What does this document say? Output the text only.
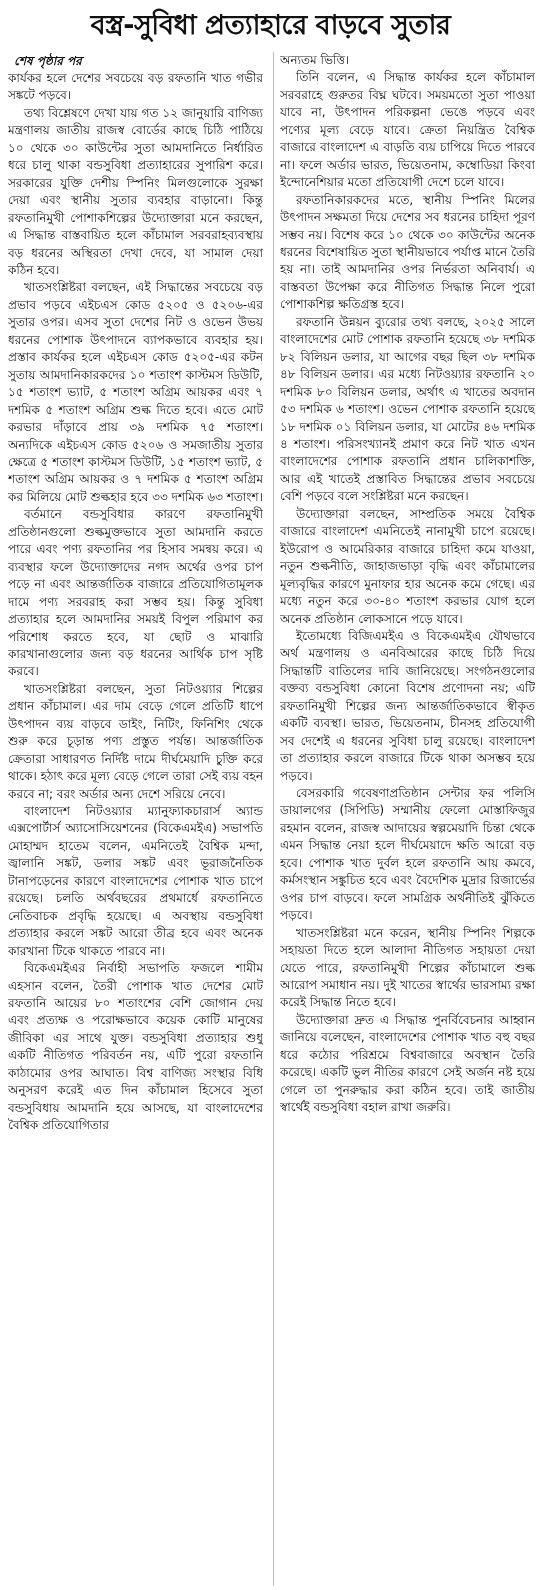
বস্ত্র-সুবিধা প্রত্যাহারে বাড়বে সুতার
শেষ পৃষ্ঠার পর

কার্যকর হলে দেশের সবচেয়ে বড় রফতানি খাত গভীর সঙ্কটে পড়বে।

তথ্য বিশ্লেষণে দেখা যায় গত ১২ জানুয়ারি বাণিজ্য মন্ত্রণালয় জাতীয় রাজস্ব বোর্ডের কাছে চিঠি পাঠিয়ে ১০ থেকে ৩০ কাউন্টের সুতা আমদানিতে নির্ধারিত ধরে চালু থাকা বন্ডসুবিধা প্রত্যাহারের সুপারিশ করে। সরকারের যুক্তি দেশীয় স্পিনিং মিলগুলোকে সুরক্ষা দেয়া এবং স্থানীয় সুতার ব্যবহার বাড়ানো। কিন্তু রফতানিমুখী পোশাকশিল্পের উদ্যোক্তারা মনে করছেন, এ সিদ্ধান্ত বাস্তবায়িত হলে কাঁচামাল সরবরাহব্যবস্থায় বড় ধরনের অস্থিরতা দেখা দেবে, যা সামাল দেয়া কঠিন হবে।

খাতসংশ্লিষ্টরা বলছেন, এই সিদ্ধান্তের সবচেয়ে বড় প্রভাব পড়বে এইচএস কোড ৫২০৫ ও ৫২০৬-এর সুতার ওপর। এসব সুতা দেশের নিট ও ওভেন উভয় ধরনের পোশাক উৎপাদনে ব্যাপকভাবে ব্যবহার হয়। প্রস্তাব কার্যকর হলে এইচএস কোড ৫২০৫-এর কটন সুতায় আমদানিকারকদের ১০ শতাংশ কাস্টমস ডিউটি, ১৫ শতাংশ ভ্যাট, ৫ শতাংশ অগ্রিম আয়কর এবং ৭ দশমিক ৫ শতাংশ অগ্রিম শুল্ক দিতে হবে। এতে মোট করভার দাঁড়াবে প্রায় ৩৯ দশমিক ৭৫ শতাংশ। অন্যদিকে এইচএস কোড ৫২০৬ ও সমজাতীয় সুতার ক্ষেত্রে ৫ শতাংশ কাস্টমস ডিউটি, ১৫ শতাংশ ভ্যাট, ৫ শতাংশ অগ্রিম আয়কর ও ৭ দশমিক ৫ শতাংশ অগ্রিম কর মিলিয়ে মোট শুল্কহার হবে ৩৩ দশমিক ৬৩ শতাংশ।

বর্তমানে বন্ডসুবিধার কারণে রফতানিমুখী প্রতিষ্ঠানগুলো শুল্কমুক্তভাবে সুতা আমদানি করতে পারে এবং পণ্য রফতানির পর হিসাব সমন্বয় করে। এ ব্যবস্থার ফলে উদ্যোক্তাদের নগদ অর্থের ওপর চাপ পড়ে না এবং আন্তর্জাতিক বাজারে প্রতিযোগিতামূলক দামে পণ্য সরবরাহ করা সম্ভব হয়। কিন্তু সুবিধা প্রত্যাহার হলে আমদানির সময়ই বিপুল পরিমাণ কর পরিশোধ করতে হবে, যা ছোট ও মাঝারি কারখানাগুলোর জন্য বড় ধরনের আর্থিক চাপ সৃষ্টি করবে।

খাতসংশ্লিষ্টরা বলছেন, সুতা নিটওয়্যার শিল্পের প্রধান কাঁচামাল। এর দাম বেড়ে গেলে প্রতিটি ধাপে উৎপাদন ব্যয় বাড়বে ডাইং, নিটিং, ফিনিশিং থেকে শুরু করে চূড়ান্ত পণ্য প্রস্তুত পর্যন্ত। আন্তর্জাতিক ক্রেতারা সাধারণত নির্দিষ্ট দামে দীর্ঘমেয়াদি চুক্তি করে থাকে। হঠাৎ করে মূল্য বেড়ে গেলে তারা সেই ব্যয় বহন করবে না; বরং অর্ডার অন্য দেশে সরিয়ে নেবে।

বাংলাদেশ নিটওয়্যার ম্যানুফ্যাকচারার্স অ্যান্ড এক্সপোর্টার্স অ্যাসোসিয়েশনের (বিকেএমইএ) সভাপতি মোহাম্মদ হাতেম বলেন, এমনিতেই বৈশ্বিক মন্দা, জ্বালানি সঙ্কট, ডলার সঙ্কট এবং ভূরাজনৈতিক টানাপড়েনের কারণে বাংলাদেশের পোশাক খাত চাপে রয়েছে। চলতি অর্থবছরের প্রথমার্ধে রফতানিতে নেতিবাচক প্রবৃদ্ধি হয়েছে। এ অবস্থায় বন্ডসুবিধা প্রত্যাহার করলে সঙ্কট আরো তীব্র হবে এবং অনেক কারখানা টিকে থাকতে পারবে না।

বিকেএমইএর নির্বাহী সভাপতি ফজলে শামীম এহসান বলেন, তৈরী পোশাক খাত দেশের মোট রফতানি আয়ের ৮০ শতাংশের বেশি জোগান দেয় এবং প্রত্যক্ষ ও পরোক্ষভাবে কয়েক কোটি মানুষের জীবিকা এর সাথে যুক্ত। বন্ডসুবিধা প্রত্যাহার শুধু একটি নীতিগত পরিবর্তন নয়, এটি পুরো রফতানি কাঠামোর ওপর আঘাত। বিশ্ব বাণিজ্য সংস্থার বিধি অনুসরণ করেই এত দিন কাঁচামাল হিসেবে সুতা বন্ডসুবিধায় আমদানি হয়ে আসছে, যা বাংলাদেশের বৈশ্বিক প্রতিযোগিতার

অন্যতম ভিত্তি।

তিনি বলেন, এ সিদ্ধান্ত কার্যকর হলে কাঁচামাল সরবরাহে গুরুতর বিঘ্ন ঘটবে। সময়মতো সুতা পাওয়া যাবে না, উৎপাদন পরিকল্পনা ভেঙে পড়বে এবং পণ্যের মূল্য বেড়ে যাবে। ক্রেতা নিয়ন্ত্রিত বৈশ্বিক বাজারে বাংলাদেশ এ বাড়তি ব্যয় চাপিয়ে দিতে পারবে না। ফলে অর্ডার ভারত, ভিয়েতনাম, কম্বোডিয়া কিংবা ইন্দোনেশিয়ার মতো প্রতিযোগী দেশে চলে যাবে।

রফতানিকারকদের মতে, স্থানীয় স্পিনিং মিলের উৎপাদন সক্ষমতা দিয়ে দেশের সব ধরনের চাহিদা পূরণ সম্ভব নয়। বিশেষ করে ১০ থেকে ৩০ কাউন্টের অনেক ধরনের বিশেষায়িত সুতা স্থানীয়ভাবে পর্যাপ্ত মানে তৈরি হয় না। তাই আমদানির ওপর নির্ভরতা অনিবার্য। এ বাস্তবতা উপেক্ষা করে নীতিগত সিদ্ধান্ত নিলে পুরো পোশাকশিল্প ক্ষতিগ্রস্ত হবে।

রফতানি উন্নয়ন ব্যুরোর তথ্য বলছে, ২০২৫ সালে বাংলাদেশের মোট পোশাক রফতানি হয়েছে ৩৮ দশমিক ৮২ বিলিয়ন ডলার, যা আগের বছর ছিল ৩৮ দশমিক ৪৮ বিলিয়ন ডলার। এর মধ্যে নিটওয়্যার রফতানি ২০ দশমিক ৮০ বিলিয়ন ডলার, অর্থাৎ এ খাতের অবদান ৫৩ দশমিক ৬ শতাংশ। ওভেন পোশাক রফতানি হয়েছে ১৮ দশমিক ০১ বিলিয়ন ডলার, যা মোটের ৪৬ দশমিক ৪ শতাংশ। পরিসংখ্যানই প্রমাণ করে নিট খাত এখন বাংলাদেশের পোশাক রফতানি প্রধান চালিকাশক্তি, আর এই খাতেই প্রস্তাবিত সিদ্ধান্তের প্রভাব সবচেয়ে বেশি পড়বে বলে সংশ্লিষ্টরা মনে করছেন।

উদ্যোক্তারা বলছেন, সাম্প্রতিক সময়ে বৈশ্বিক বাজারে বাংলাদেশ এমনিতেই নানামুখী চাপে রয়েছে। ইউরোপ ও আমেরিকার বাজারে চাহিদা কমে যাওয়া, নতুন শুল্কনীতি, জাহাজভাড়া বৃদ্ধি এবং কাঁচামালের মূল্যবৃদ্ধির কারণে মুনাফার হার অনেক কমে গেছে। এর মধ্যে নতুন করে ৩০-৪০ শতাংশ করভার যোগ হলে অনেক প্রতিষ্ঠান লোকসানে পড়ে যাবে।

ইতোমধ্যে বিজিএমইএ ও বিকেএমইএ যৌথভাবে অর্থ মন্ত্রণালয় ও এনবিআরের কাছে চিঠি দিয়ে সিদ্ধান্তটি বাতিলের দাবি জানিয়েছে। সংগঠনগুলোর বক্তব্য বন্ডসুবিধা কোনো বিশেষ প্রণোদনা নয়; এটি রফতানিমুখী শিল্পের জন্য আন্তর্জাতিকভাবে স্বীকৃত একটি ব্যবস্থা। ভারত, ভিয়েতনাম, চীনসহ প্রতিযোগী সব দেশেই এ ধরনের সুবিধা চালু রয়েছে। বাংলাদেশ তা প্রত্যাহার করলে বাজারে টিকে থাকা অসম্ভব হয়ে পড়বে।

বেসরকারি গবেষণাপ্রতিষ্ঠান সেন্টার ফর পলিসি ডায়ালগের (সিপিডি) সম্মানীয় ফেলো মোস্তাফিজুর রহমান বলেন, রাজস্ব আদায়ের স্বল্পমেয়াদি চিন্তা থেকে এমন সিদ্ধান্ত নেয়া হলে দীর্ঘমেয়াদে ক্ষতি আরো বড় হবে। পোশাক খাত দুর্বল হলে রফতানি আয় কমবে, কর্মসংস্থান সঙ্কুচিত হবে এবং বৈদেশিক মুদ্রার রিজার্ভের ওপর চাপ বাড়বে। ফলে সামগ্রিক অর্থনীতিই ঝুঁকিতে পড়বে।

খাতসংশ্লিষ্টরা মনে করেন, স্থানীয় স্পিনিং শিল্পকে সহায়তা দিতে হলে আলাদা নীতিগত সহায়তা দেয়া যেতে পারে, রফতানিমুখী শিল্পের কাঁচামালে শুল্ক আরোপ সমাধান নয়। দুই খাতের স্বার্থের ভারসাম্য রক্ষা করেই সিদ্ধান্ত নিতে হবে।

উদ্যোক্তারা দ্রুত এ সিদ্ধান্ত পুনর্বিবেচনার আহ্বান জানিয়ে বলেছেন, বাংলাদেশের পোশাক খাত বহু বছর ধরে কঠোর পরিশ্রমে বিশ্ববাজারে অবস্থান তৈরি করেছে। একটি ভুল নীতির কারণে সেই অর্জন নষ্ট হয়ে গেলে তা পুনরুদ্ধার করা কঠিন হবে। তাই জাতীয় স্বার্থেই বন্ডসুবিধা বহাল রাখা জরুরি।
